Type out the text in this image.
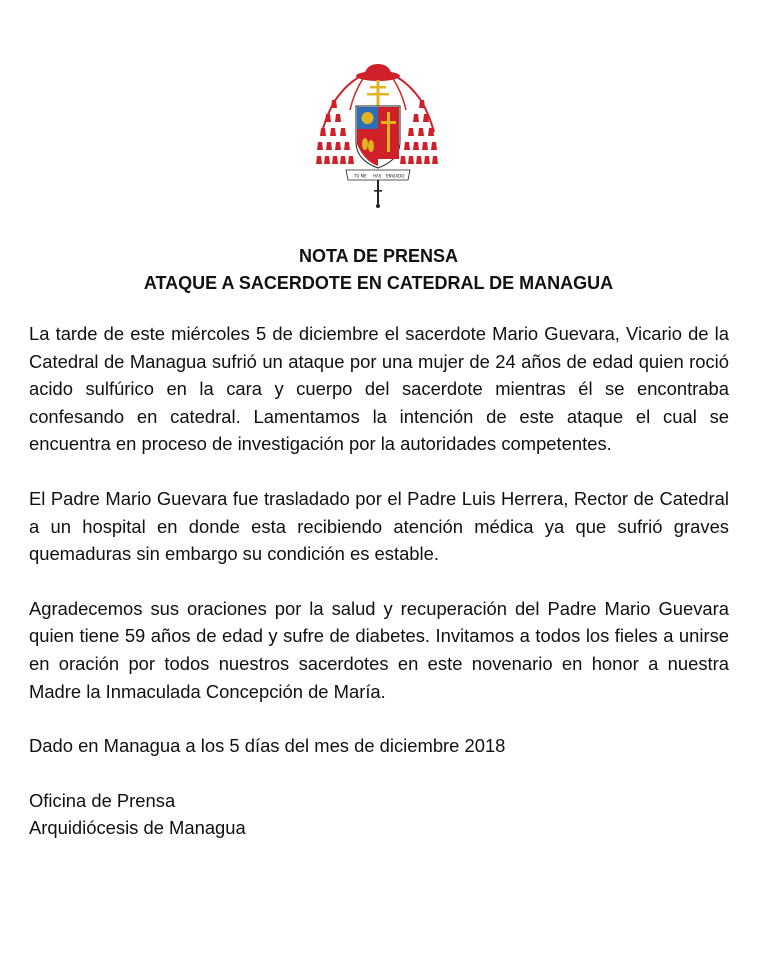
TU ME HAS ENVIADO
NOTA DE PRENSA
ATAQUE A SACERDOTE EN CATEDRAL DE MANAGUA

La tarde de este miércoles 5 de diciembre el sacerdote Mario Guevara, Vicario de la Catedral de Managua sufrió un ataque por una mujer de 24 años de edad quien roció acido sulfúrico en la cara y cuerpo del sacerdote mientras él se encontraba confesando en catedral. Lamentamos la intención de este ataque el cual se encuentra en proceso de investigación por la autoridades competentes.

El Padre Mario Guevara fue trasladado por el Padre Luis Herrera, Rector de Catedral a un hospital en donde esta recibiendo atención médica ya que sufrió graves quemaduras sin embargo su condición es estable.

Agradecemos sus oraciones por la salud y recuperación del Padre Mario Guevara quien tiene 59 años de edad y sufre de diabetes. Invitamos a todos los fieles a unirse en oración por todos nuestros sacerdotes en este novenario en honor a nuestra Madre la Inmaculada Concepción de María.

Dado en Managua a los 5 días del mes de diciembre 2018

Oficina de Prensa

Arquidiócesis de Managua
